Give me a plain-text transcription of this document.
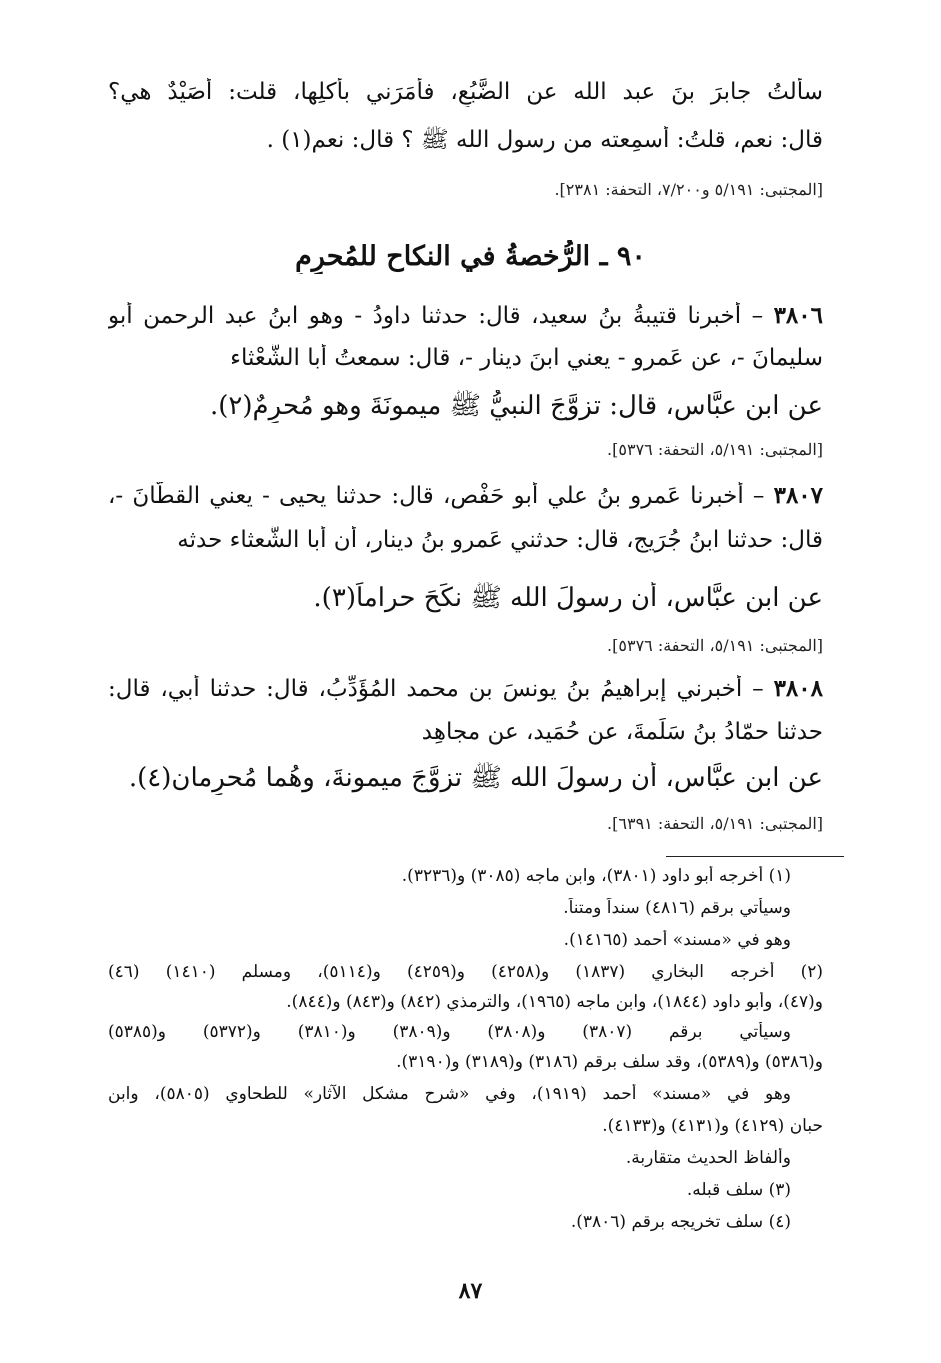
سألتُ جابرَ بنَ عبد الله عن الضَّبُعِ، فأمَرَني بأكلِها، قلت: أصَيْدٌ هي؟
قال: نعم، قلتُ: أسمِعته من رسول الله ﷺ ؟ قال: نعم(١) .
[المجتبى: ٥/١٩١ و٧/٢٠٠، التحفة: ٢٣٨١].
٩٠ ـ الرُّخصةُ في النكاح للمُحرِمِ
٣٨٠٦ – أخبرنا قتيبةُ بنُ سعيد، قال: حدثنا داودُ - وهو ابنُ عبد الرحمن أبو
سليمانَ -، عن عَمرو - يعني ابنَ دينار -، قال: سمعتُ أبا الشَّعْثاء
عن ابن عبَّاس، قال: تزوَّجَ النبيُّ ﷺ ميمونَةَ وهو مُحرِمٌ(٢).
[المجتبى: ٥/١٩١، التحفة: ٥٣٧٦].
٣٨٠٧ – أخبرنا عَمرو بنُ علي أبو حَفْص، قال: حدثنا يحيى - يعني القطّانَ -،
قال: حدثنا ابنُ جُرَيج، قال: حدثني عَمرو بنُ دينار، أن أبا الشَّعثاء حدثه
عن ابن عبَّاس، أن رسولَ الله ﷺ نكَحَ حراماً(٣).
[المجتبى: ٥/١٩١، التحفة: ٥٣٧٦].
٣٨٠٨ – أخبرني إبراهيمُ بنُ يونسَ بن محمد المُؤَدِّبُ، قال: حدثنا أبي، قال:
حدثنا حمّادُ بنُ سَلَمةَ، عن حُمَيد، عن مجاهِد
عن ابن عبَّاس، أن رسولَ الله ﷺ تزوَّجَ ميمونةَ، وهُما مُحرِمان(٤).
[المجتبى: ٥/١٩١، التحفة: ٦٣٩١].
(١) أخرجه أبو داود (٣٨٠١)، وابن ماجه (٣٠٨٥) و(٣٢٣٦).
وسيأتي برقم (٤٨١٦) سنداً ومتناً.
وهو في «مسند» أحمد (١٤١٦٥).
(٢) أخرجه البخاري (١٨٣٧) و(٤٢٥٨) و(٤٢٥٩) و(٥١١٤)، ومسلم (١٤١٠) (٤٦)
و(٤٧)، وأبو داود (١٨٤٤)، وابن ماجه (١٩٦٥)، والترمذي (٨٤٢) و(٨٤٣) و(٨٤٤).
وسيأتي برقم (٣٨٠٧) و(٣٨٠٨) و(٣٨٠٩) و(٣٨١٠) و(٥٣٧٢) و(٥٣٨٥)
و(٥٣٨٦) و(٥٣٨٩)، وقد سلف برقم (٣١٨٦) و(٣١٨٩) و(٣١٩٠).
وهو في «مسند» أحمد (١٩١٩)، وفي «شرح مشكل الآثار» للطحاوي (٥٨٠٥)، وابن
حبان (٤١٢٩) و(٤١٣١) و(٤١٣٣).
وألفاظ الحديث متقاربة.
(٣) سلف قبله.
(٤) سلف تخريجه برقم (٣٨٠٦).
٨٧
